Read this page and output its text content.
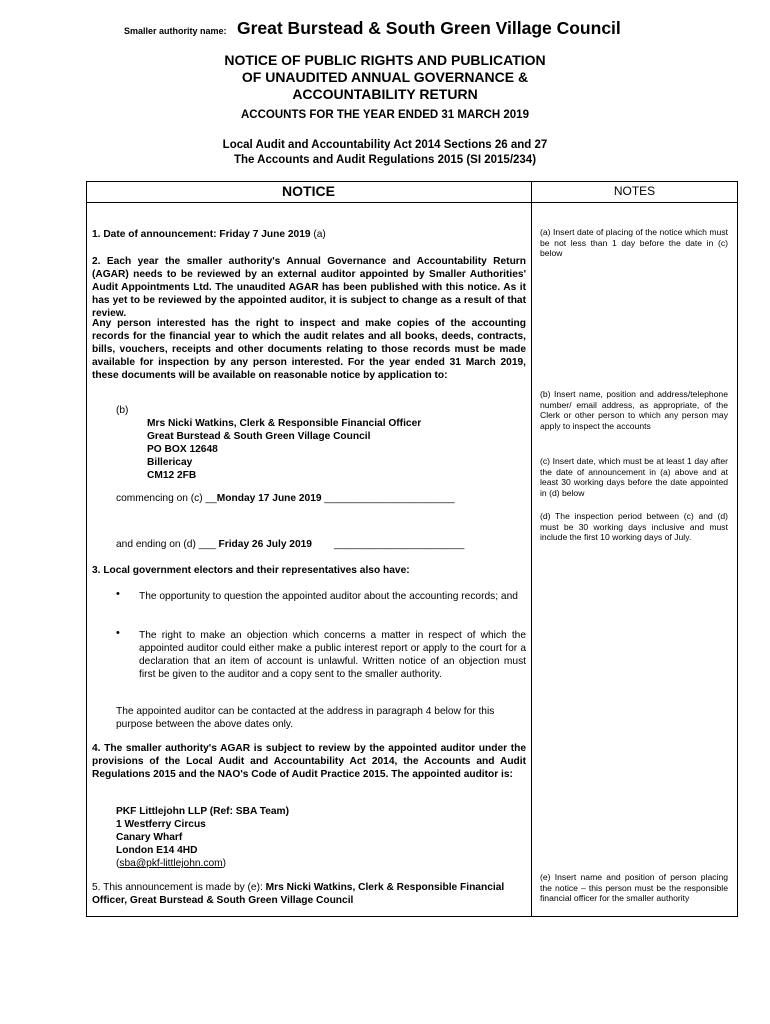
Smaller authority name: Great Burstead & South Green Village Council
NOTICE OF PUBLIC RIGHTS AND PUBLICATION
OF UNAUDITED ANNUAL GOVERNANCE &
ACCOUNTABILITY RETURN
ACCOUNTS FOR THE YEAR ENDED 31 MARCH 2019
Local Audit and Accountability Act 2014 Sections 26 and 27
The Accounts and Audit Regulations 2015 (SI 2015/234)
NOTICE	NOTES
1. Date of announcement: Friday 7 June 2019 (a)
2. Each year the smaller authority's Annual Governance and Accountability Return (AGAR) needs to be reviewed by an external auditor appointed by Smaller Authorities' Audit Appointments Ltd. The unaudited AGAR has been published with this notice. As it has yet to be reviewed by the appointed auditor, it is subject to change as a result of that review.
Any person interested has the right to inspect and make copies of the accounting records for the financial year to which the audit relates and all books, deeds, contracts, bills, vouchers, receipts and other documents relating to those records must be made available for inspection by any person interested. For the year ended 31 March 2019, these documents will be available on reasonable notice by application to:
(b)
Mrs Nicki Watkins, Clerk & Responsible Financial Officer
Great Burstead & South Green Village Council
PO BOX 12648
Billericay
CM12 2FB
commencing on (c) __Monday 17 June 2019 _______________________
and ending on (d) ___ Friday 26 July 2019 _______________________
3. Local government electors and their representatives also have:
• The opportunity to question the appointed auditor about the accounting records; and
• The right to make an objection which concerns a matter in respect of which the appointed auditor could either make a public interest report or apply to the court for a declaration that an item of account is unlawful. Written notice of an objection must first be given to the auditor and a copy sent to the smaller authority.
The appointed auditor can be contacted at the address in paragraph 4 below for this purpose between the above dates only.
4. The smaller authority's AGAR is subject to review by the appointed auditor under the provisions of the Local Audit and Accountability Act 2014, the Accounts and Audit Regulations 2015 and the NAO's Code of Audit Practice 2015. The appointed auditor is:
PKF Littlejohn LLP (Ref: SBA Team)
1 Westferry Circus
Canary Wharf
London E14 4HD
(sba@pkf-littlejohn.com)
5. This announcement is made by (e): Mrs Nicki Watkins, Clerk & Responsible Financial Officer, Great Burstead & South Green Village Council
(a) Insert date of placing of the notice which must be not less than 1 day before the date in (c) below
(b) Insert name, position and address/telephone number/ email address, as appropriate, of the Clerk or other person to which any person may apply to inspect the accounts
(c) Insert date, which must be at least 1 day after the date of announcement in (a) above and at least 30 working days before the date appointed in (d) below
(d) The inspection period between (c) and (d) must be 30 working days inclusive and must include the first 10 working days of July.
(e) Insert name and position of person placing the notice – this person must be the responsible financial officer for the smaller authority
